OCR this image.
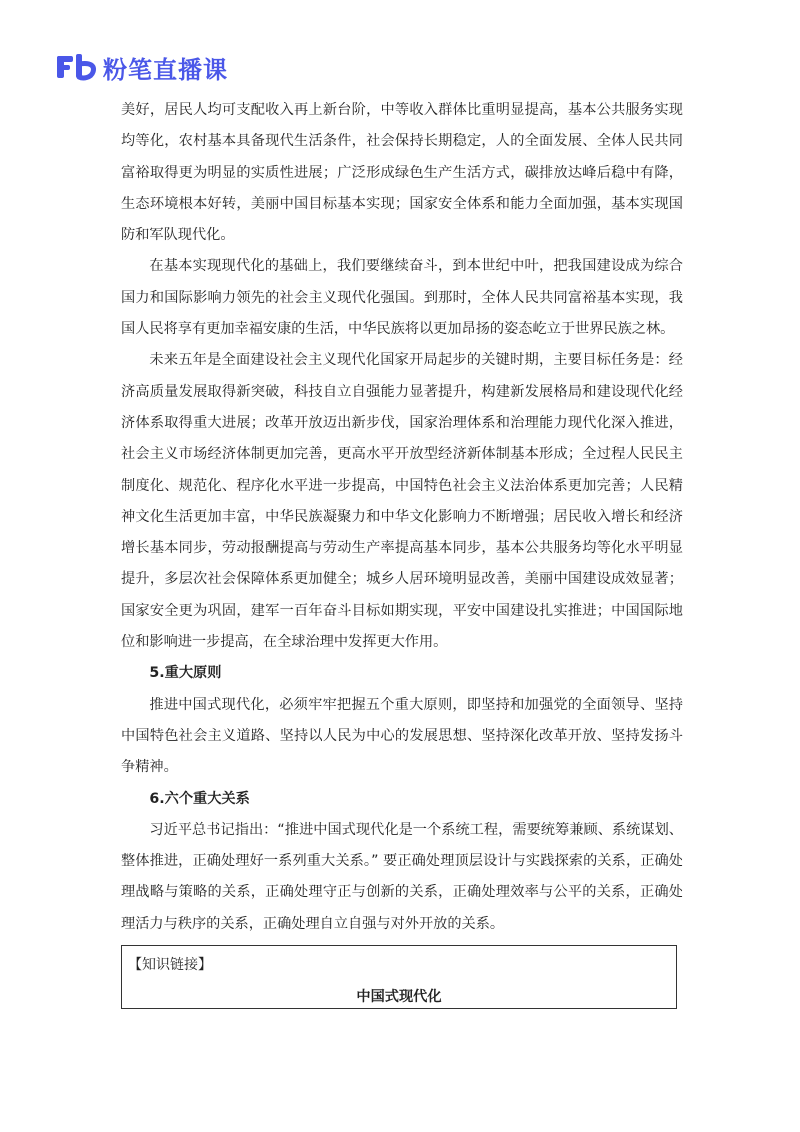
粉笔直播课

美好，居民人均可支配收入再上新台阶，中等收入群体比重明显提高，基本公共服务实现均等化，农村基本具备现代生活条件，社会保持长期稳定，人的全面发展、全体人民共同富裕取得更为明显的实质性进展；广泛形成绿色生产生活方式，碳排放达峰后稳中有降，生态环境根本好转，美丽中国目标基本实现；国家安全体系和能力全面加强，基本实现国防和军队现代化。

在基本实现现代化的基础上，我们要继续奋斗，到本世纪中叶，把我国建设成为综合国力和国际影响力领先的社会主义现代化强国。到那时，全体人民共同富裕基本实现，我国人民将享有更加幸福安康的生活，中华民族将以更加昂扬的姿态屹立于世界民族之林。

未来五年是全面建设社会主义现代化国家开局起步的关键时期，主要目标任务是：经济高质量发展取得新突破，科技自立自强能力显著提升，构建新发展格局和建设现代化经济体系取得重大进展；改革开放迈出新步伐，国家治理体系和治理能力现代化深入推进，社会主义市场经济体制更加完善，更高水平开放型经济新体制基本形成；全过程人民民主制度化、规范化、程序化水平进一步提高，中国特色社会主义法治体系更加完善；人民精神文化生活更加丰富，中华民族凝聚力和中华文化影响力不断增强；居民收入增长和经济增长基本同步，劳动报酬提高与劳动生产率提高基本同步，基本公共服务均等化水平明显提升，多层次社会保障体系更加健全；城乡人居环境明显改善，美丽中国建设成效显著；国家安全更为巩固，建军一百年奋斗目标如期实现，平安中国建设扎实推进；中国国际地位和影响进一步提高，在全球治理中发挥更大作用。

5.重大原则

推进中国式现代化，必须牢牢把握五个重大原则，即坚持和加强党的全面领导、坚持中国特色社会主义道路、坚持以人民为中心的发展思想、坚持深化改革开放、坚持发扬斗争精神。

6.六个重大关系

习近平总书记指出：“推进中国式现代化是一个系统工程，需要统筹兼顾、系统谋划、整体推进，正确处理好一系列重大关系。” 要正确处理顶层设计与实践探索的关系，正确处理战略与策略的关系，正确处理守正与创新的关系，正确处理效率与公平的关系，正确处理活力与秩序的关系，正确处理自立自强与对外开放的关系。

【知识链接】
中国式现代化
